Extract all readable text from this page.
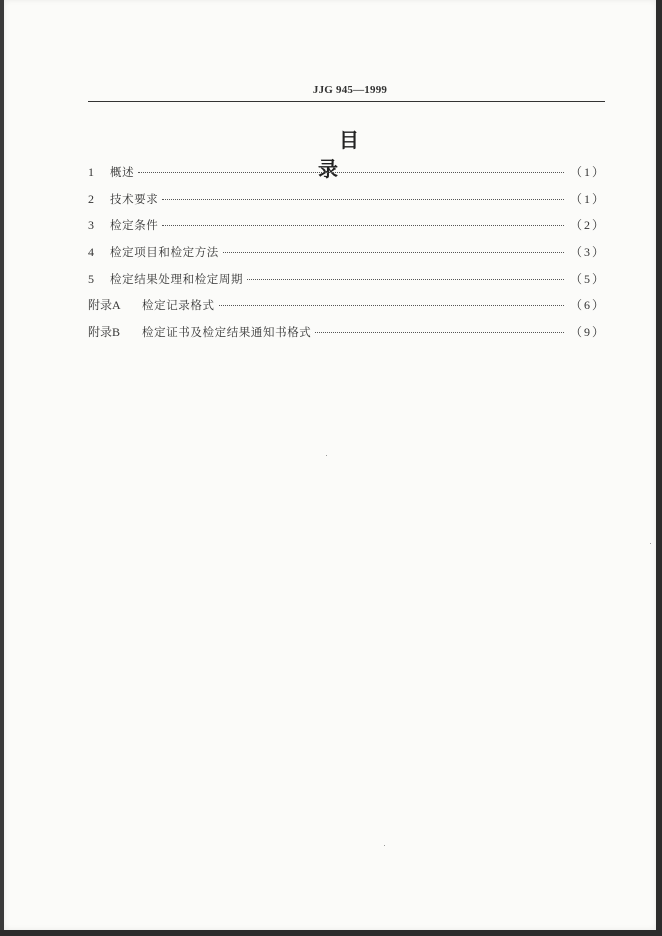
JJG 945—1999
目　录
1	概述	（1）
2	技术要求	（1）
3	检定条件	（2）
4	检定项目和检定方法	（3）
5	检定结果处理和检定周期	（5）
附录A	检定记录格式	（6）
附录B	检定证书及检定结果通知书格式	（9）
